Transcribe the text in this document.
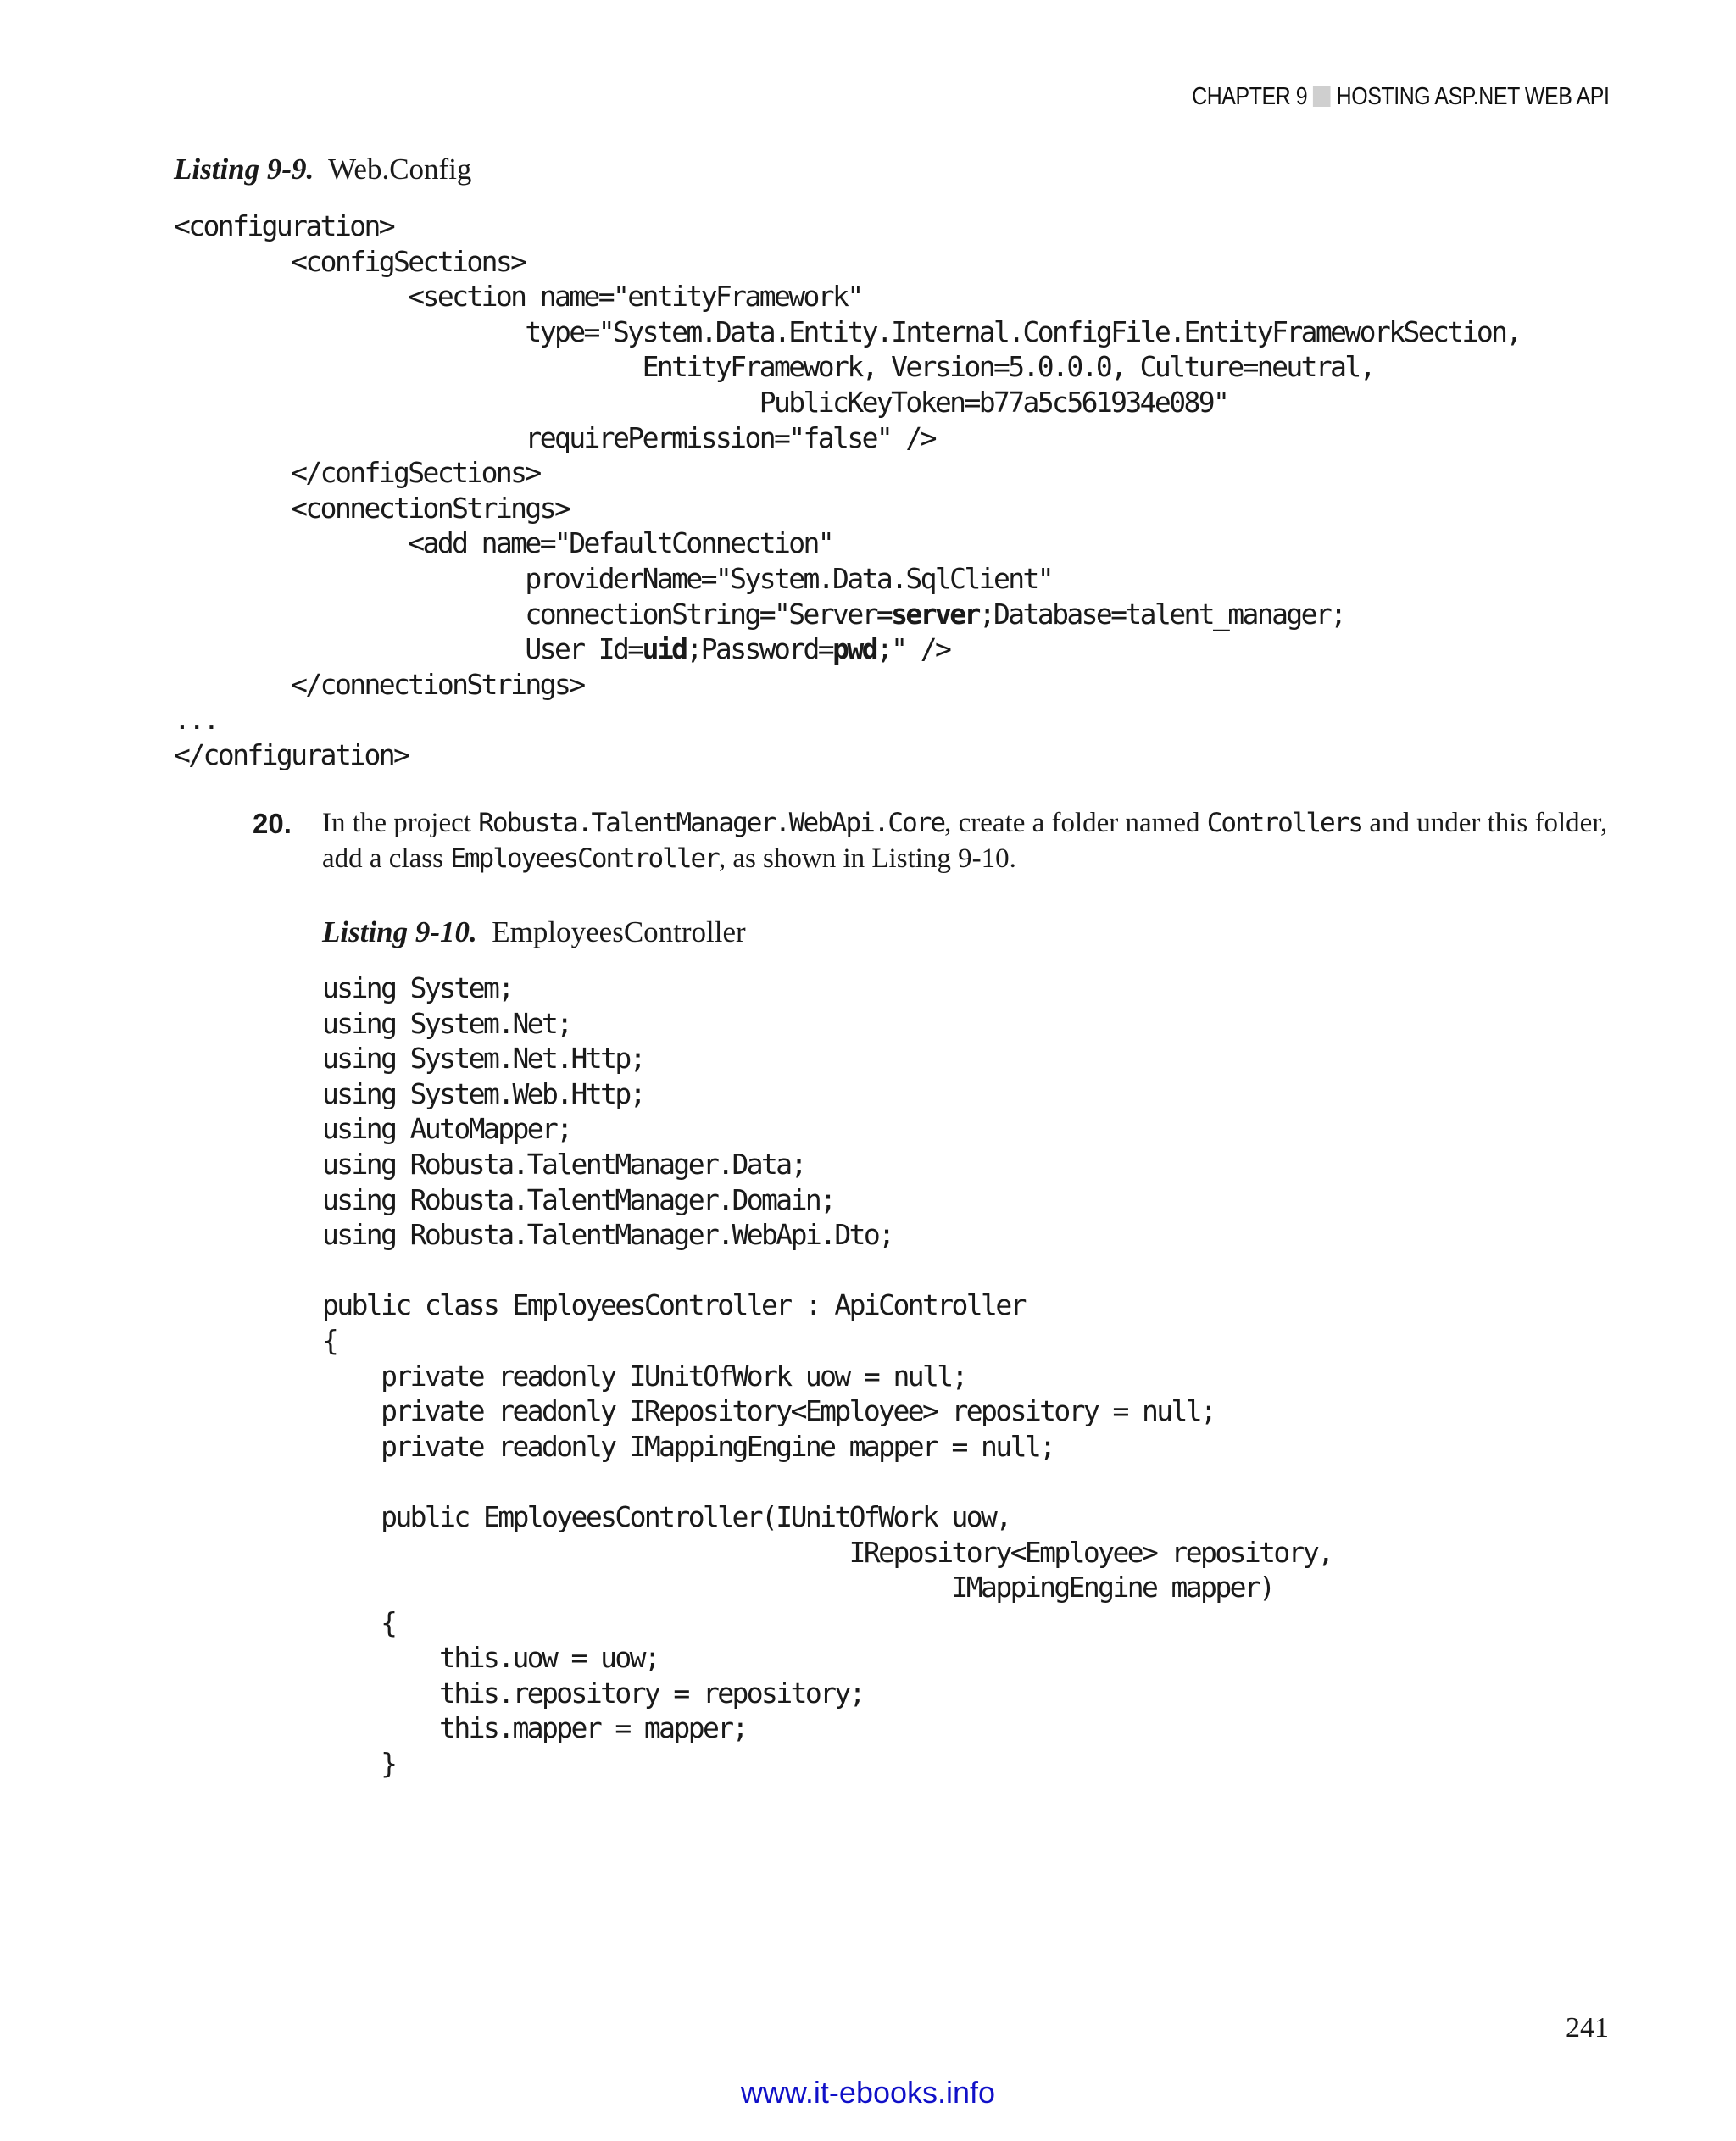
CHAPTER 9 HOSTING ASP.NET WEB API
Listing 9-9. Web.Config
<configuration>
<configSections>
<section name="entityFramework"
type="System.Data.Entity.Internal.ConfigFile.EntityFrameworkSection,
EntityFramework, Version=5.0.0.0, Culture=neutral,
PublicKeyToken=b77a5c561934e089"
requirePermission="false" />
</configSections>
<connectionStrings>
<add name="DefaultConnection"
providerName="System.Data.SqlClient"
connectionString="Server=server;Database=talent_manager;
User Id=uid;Password=pwd;" />
</connectionStrings>
...
</configuration>

20. In the project Robusta.TalentManager.WebApi.Core, create a folder named Controllers and under this folder, add a class EmployeesController, as shown in Listing 9-10.
Listing 9-10. EmployeesController
using System;
using System.Net;
using System.Net.Http;
using System.Web.Http;
using AutoMapper;
using Robusta.TalentManager.Data;
using Robusta.TalentManager.Domain;
using Robusta.TalentManager.WebApi.Dto;

public class EmployeesController : ApiController
{
private readonly IUnitOfWork uow = null;
private readonly IRepository<Employee> repository = null;
private readonly IMappingEngine mapper = null;

public EmployeesController(IUnitOfWork uow,
IRepository<Employee> repository,
IMappingEngine mapper)
{
this.uow = uow;
this.repository = repository;
this.mapper = mapper;
}

241
www.it-ebooks.info
